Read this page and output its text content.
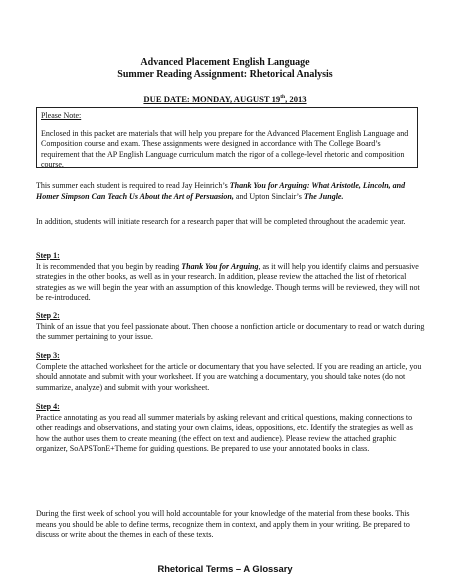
Advanced Placement English Language
Summer Reading Assignment: Rhetorical Analysis
DUE DATE: MONDAY, AUGUST 19th, 2013

Please Note:

Enclosed in this packet are materials that will help you prepare for the Advanced Placement English Language and Composition course and exam. These assignments were designed in accordance with The College Board’s requirement that the AP English Language curriculum match the rigor of a college-level rhetoric and composition course.

This summer each student is required to read Jay Heinrich’s Thank You for Arguing: What Aristotle, Lincoln, and Homer Simpson Can Teach Us About the Art of Persuasion, and Upton Sinclair’s The Jungle.

In addition, students will initiate research for a research paper that will be completed throughout the academic year.

Step 1:
It is recommended that you begin by reading Thank You for Arguing, as it will help you identify claims and persuasive strategies in the other books, as well as in your research. In addition, please review the attached the list of rhetorical strategies as we will begin the year with an assumption of this knowledge. Though terms will be reviewed, they will not be re-introduced.

Step 2:
Think of an issue that you feel passionate about. Then choose a nonfiction article or documentary to read or watch during the summer pertaining to your issue.

Step 3:
Complete the attached worksheet for the article or documentary that you have selected. If you are reading an article, you should annotate and submit with your worksheet. If you are watching a documentary, you should take notes (do not summarize, analyze) and submit with your worksheet.

Step 4:
Practice annotating as you read all summer materials by asking relevant and critical questions, making connections to other readings and observations, and stating your own claims, ideas, oppositions, etc. Identify the strategies as well as how the author uses them to create meaning (the effect on text and audience). Please review the attached graphic organizer, SoAPSTonE+Theme for guiding questions. Be prepared to use your annotated books in class.

During the first week of school you will hold accountable for your knowledge of the material from these books. This means you should be able to define terms, recognize them in context, and apply them in your writing. Be prepared to discuss or write about the themes in each of these texts.

Rhetorical Terms – A Glossary
